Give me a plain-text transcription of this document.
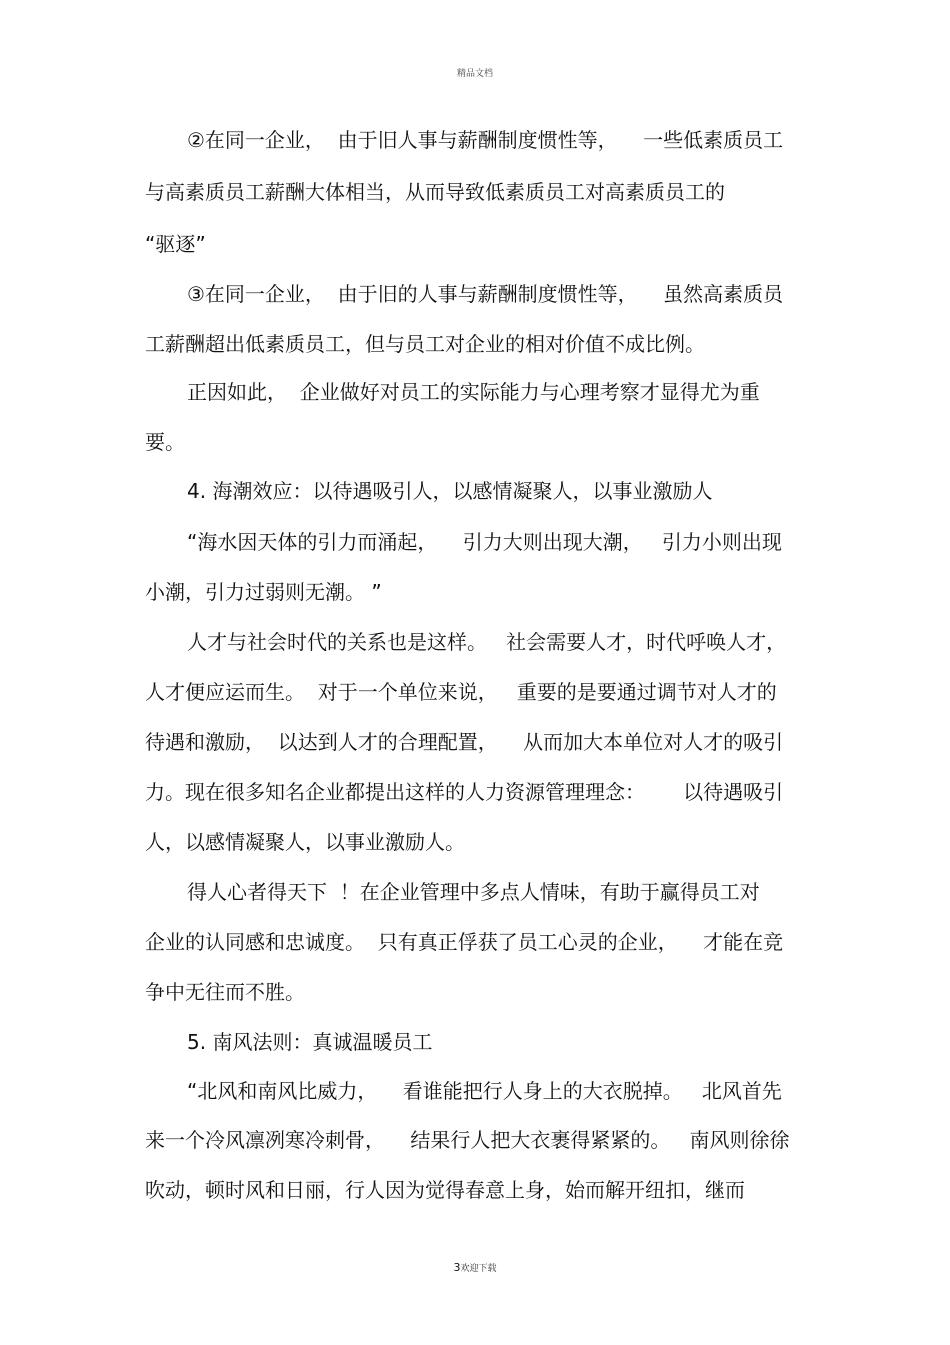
精品文档
②在同一企业，  由于旧人事与薪酬制度惯性等，    一些低素质员工
与高素质员工薪酬大体相当，从而导致低素质员工对高素质员工的
“驱逐”
③在同一企业，  由于旧的人事与薪酬制度惯性等，    虽然高素质员
工薪酬超出低素质员工，但与员工对企业的相对价值不成比例。
正因如此，  企业做好对员工的实际能力与心理考察才显得尤为重
要。
4. 海潮效应：以待遇吸引人，以感情凝聚人，以事业激励人
“海水因天体的引力而涌起，    引力大则出现大潮，   引力小则出现
小潮，引力过弱则无潮。 ”
人才与社会时代的关系也是这样。   社会需要人才，时代呼唤人才，
人才便应运而生。  对于一个单位来说，   重要的是要通过调节对人才的
待遇和激励，  以达到人才的合理配置，    从而加大本单位对人才的吸引
力。现在很多知名企业都提出这样的人力资源管理理念：      以待遇吸引
人，以感情凝聚人，以事业激励人。
得人心者得天下  ！在企业管理中多点人情味，有助于赢得员工对
企业的认同感和忠诚度。  只有真正俘获了员工心灵的企业，    才能在竞
争中无往而不胜。
5. 南风法则：真诚温暖员工
“北风和南风比威力，    看谁能把行人身上的大衣脱掉。   北风首先
来一个冷风凛冽寒冷刺骨，    结果行人把大衣裹得紧紧的。   南风则徐徐
吹动，顿时风和日丽，行人因为觉得春意上身，始而解开纽扣，继而
3欢迎下载
